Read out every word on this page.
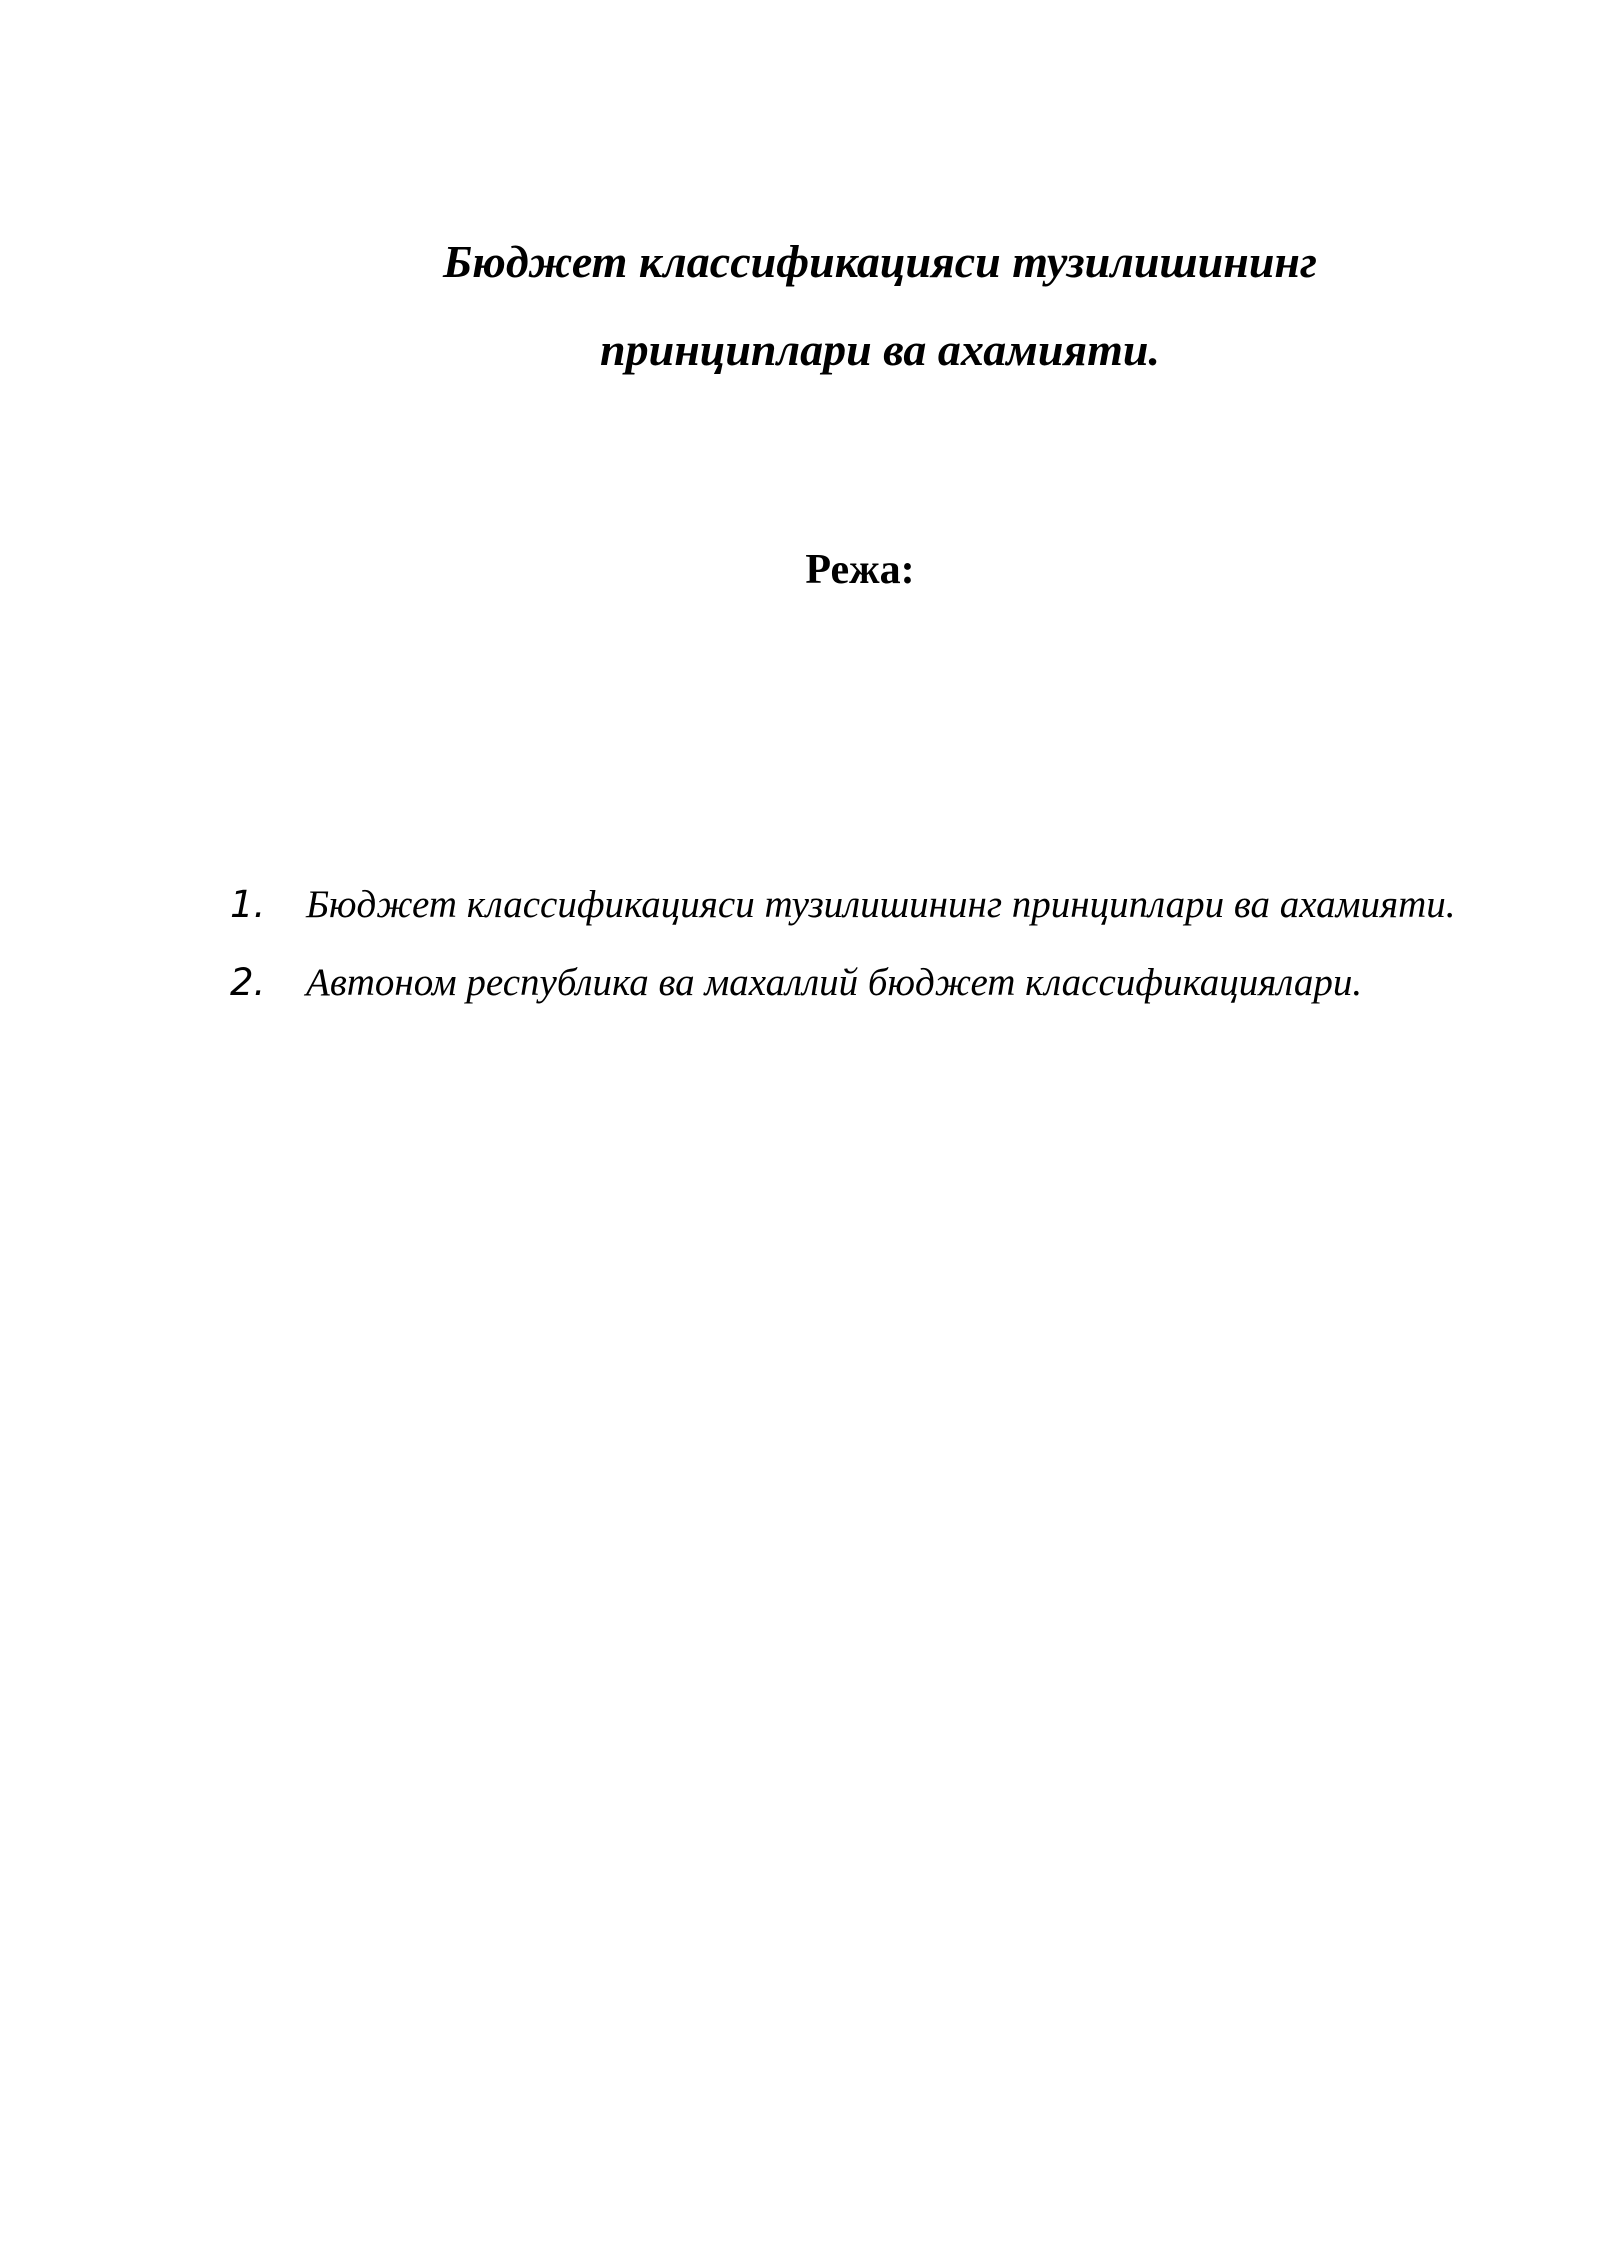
Бюджет классификацияси тузилишининг
принциплари ва ахамияти.
Режа:
1. Бюджет классификацияси тузилишининг принциплари ва ахамияти.
2. Автоном республика ва махаллий бюджет классификациялари.
